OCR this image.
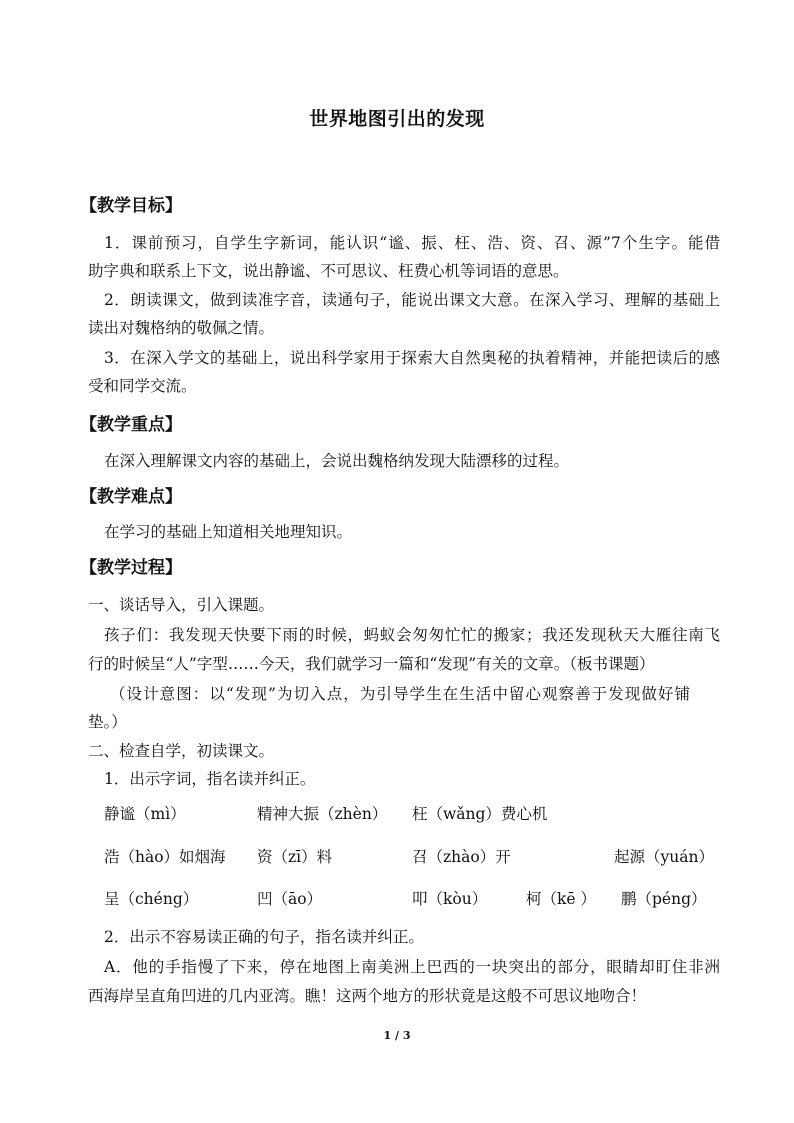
世界地图引出的发现
【教学目标】
1．课前预习，自学生字新词，能认识“谧、振、枉、浩、资、召、源”7个生字。能借
助字典和联系上下文，说出静谧、不可思议、枉费心机等词语的意思。
2．朗读课文，做到读准字音，读通句子，能说出课文大意。在深入学习、理解的基础上
读出对魏格纳的敬佩之情。
3．在深入学文的基础上，说出科学家用于探索大自然奥秘的执着精神，并能把读后的感
受和同学交流。
【教学重点】
在深入理解课文内容的基础上，会说出魏格纳发现大陆漂移的过程。
【教学难点】
在学习的基础上知道相关地理知识。
【教学过程】
一、谈话导入，引入课题。
孩子们：我发现天快要下雨的时候，蚂蚁会匆匆忙忙的搬家；我还发现秋天大雁往南飞
行的时候呈“人”字型……今天，我们就学习一篇和“发现”有关的文章。（板书课题）
（设计意图：以“发现”为切入点，为引导学生在生活中留心观察善于发现做好铺
垫。）
二、检查自学，初读课文。
1．出示字词，指名读并纠正。
静谧（mì）	精神大振（zhèn） 枉（wǎng）费心机
浩（hào）如烟海 资（zī）料	召（zhào）开	起源（yuán）
呈（chéng）	凹（āo）	叩（kòu）	柯（kē ） 鹏（péng）
2．出示不容易读正确的句子，指名读并纠正。
A．他的手指慢了下来，停在地图上南美洲上巴西的一块突出的部分，眼睛却盯住非洲
西海岸呈直角凹进的几内亚湾。瞧！这两个地方的形状竟是这般不可思议地吻合！
1 / 3
